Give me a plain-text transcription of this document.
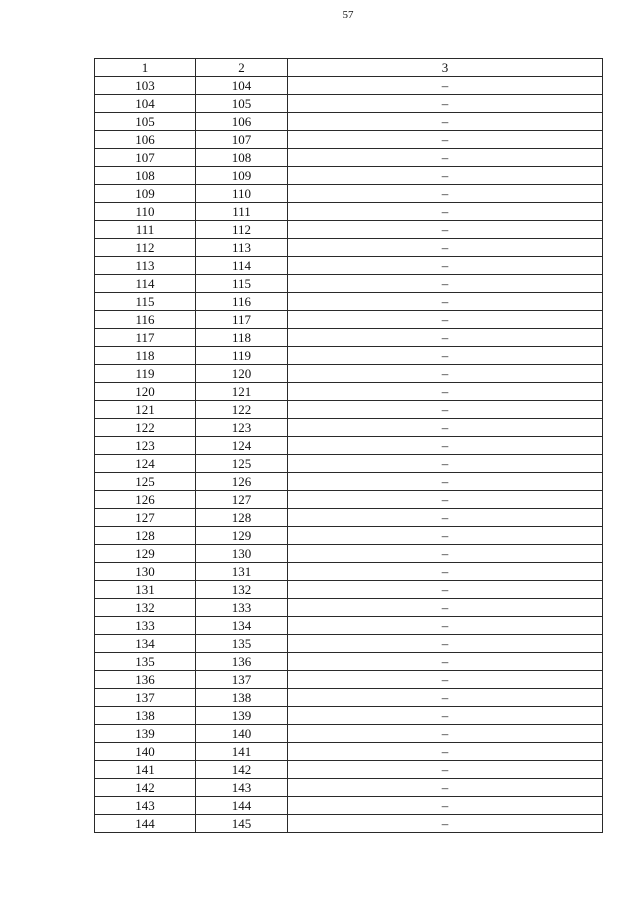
57
1	2	3
103	104	–
104	105	–
105	106	–
106	107	–
107	108	–
108	109	–
109	110	–
110	111	–
111	112	–
112	113	–
113	114	–
114	115	–
115	116	–
116	117	–
117	118	–
118	119	–
119	120	–
120	121	–
121	122	–
122	123	–
123	124	–
124	125	–
125	126	–
126	127	–
127	128	–
128	129	–
129	130	–
130	131	–
131	132	–
132	133	–
133	134	–
134	135	–
135	136	–
136	137	–
137	138	–
138	139	–
139	140	–
140	141	–
141	142	–
142	143	–
143	144	–
144	145	–
